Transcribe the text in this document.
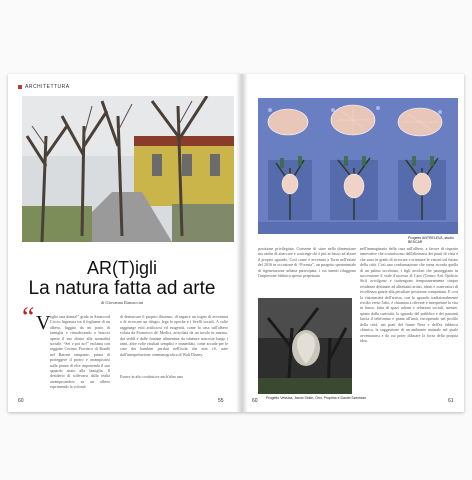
ARCHITETTURA
AR(T)igli
La natura fatta ad arte
di Giovanna Ramaccini
“ V oglio una donna!” grida in Amarcord Ciccio Ingrassia tra il fogliame di un albero, fuggito da un posto di famiglia e rimodocando a braccia aperte il suo diritto alla normalità sociale. “Sei o poi no!” esclama con reggaite Cosimo Piovasco di Rondò nel Barone rampante, prima di proteggere il pietro e arrampicarsi sulla pianta di elce imponendo il suo sguardo sitato alla famiglia. Il desiderio di sollevarsi dalla realtà arrampicandosi su un albero esprimendo la volontà
di demarcare il proprio dissenso, di seguire un sogno di avventura o di ricercare un rifugio, lega le epoche e i livelli sociali. A volte raggiunge esiti artificiosi ed esagerati, come la casa sull'albero voluta da Francesco de' Medici, articolata da un tavolo in marmo, dai sedili e dalle fontane alimentate da tubature nascoste lungo i rami, altre volte risultati semplici e immediati, come accade per le case dei bambini perduti nell'isola che non c'è, nate dall'interpretazione cinematografica di Walt Disney.
Essere in alto costituisce anch'altro una
60	55
Progetto ANTRELEVA, studio BESCAR
posizione privilegiata. Consente di stare nella dimensione ma anche di attaccare e costringe chi è più in basso ad alzare il proprio sguardo. Così come è avvenuto a Torni nell'estate del 2016 in occasione di “Foresta”, un progetto sperimentale di rigenerazione urbana partecipata, i cui intenti rifuggono l'impresone fabbrica spesso perpetuata
nell'immaginario della casa sull'albero, a favore di risposte innovative che scaturiscono dall'alternarsi dei punti di vista e che sono in grado di ricercare e orientare le visioni sul futuro della città. Così una conformazione che torna ricorda quella di un palmo socchiuso, i figli arcolari che passeggiano in successione il viale d'accesso al Caos (Centro Arti Opificio Siri) accolgono e trattengono temporaneamente cinque residenze destinate ad altrettanti artisti, ideati e osservatori di eccellenza grazie alla peculiare posizione conquistata. E così la visionarietà dell'artista, con lo sguardo tradizionalmente rivolto verso l'alto, è chiamata a rilevare e interpretare la vita in basso, fatta di spazi urbani e relazioni sociali, mentre, spinto dalla curiosità, lo sguardo del pubblico e dei passanti lascia il telefonino e punta all'insù, riscoprendo nel profilo della città, nei prati del fiume Nera e dell'ex fabbrica chimica, la suggestione di un ambiente naturale nel quale avventurarsi e da cui poter dilucare la forza della propria idea.
Progetto Vessica, Jacob Sirkin, Omi, Pruptina e Daniel Szechtan
60	61
